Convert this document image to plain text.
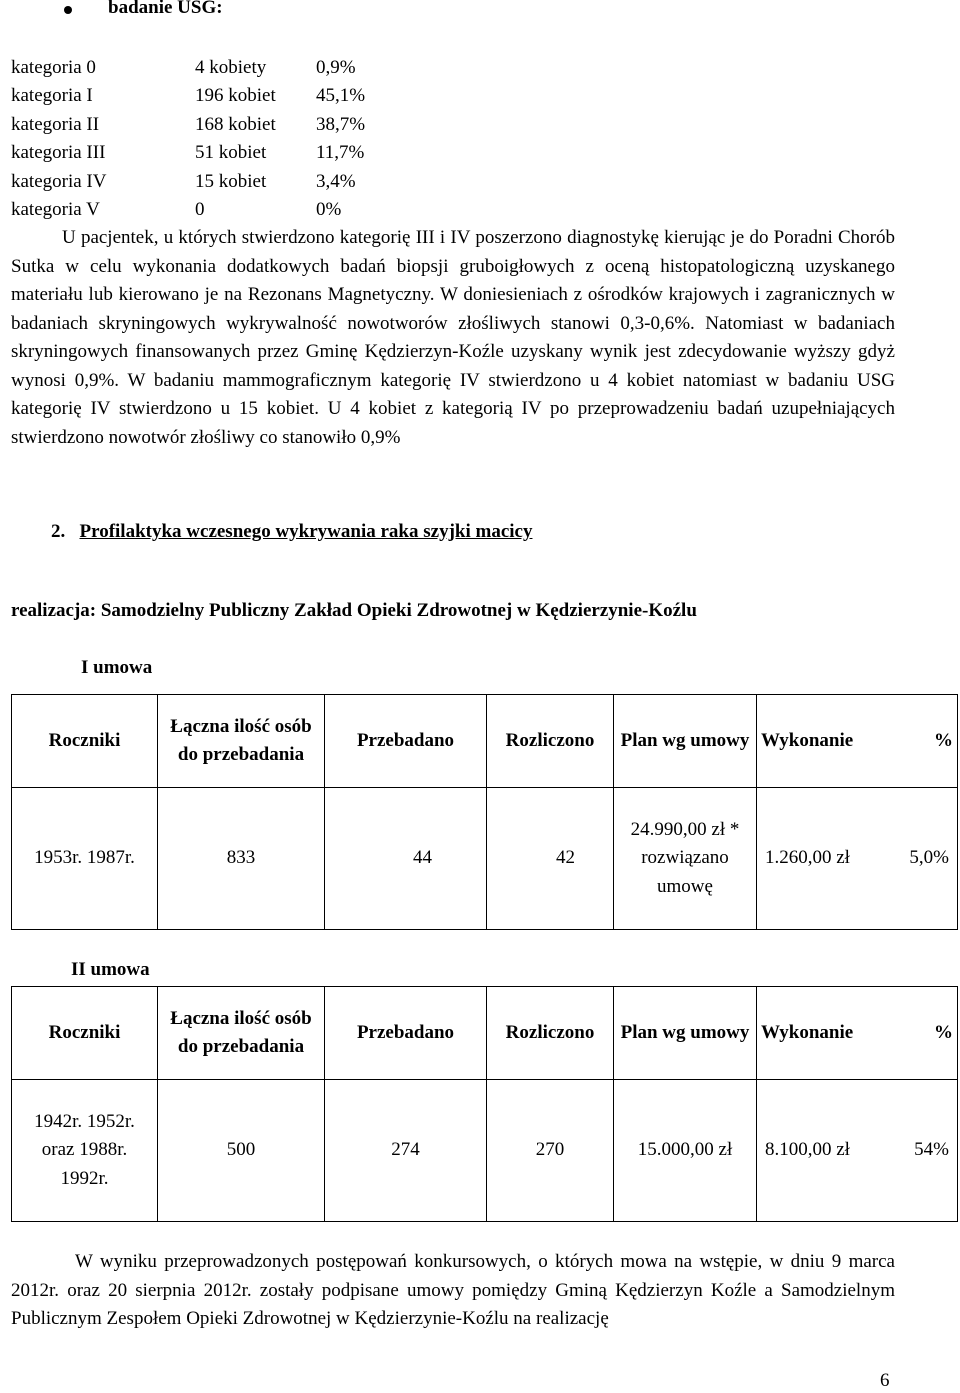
badanie USG:
kategoria 0	4 kobiety	0,9%
kategoria I	196 kobiet 45,1%
kategoria II	168 kobiet 38,7%
kategoria III	51 kobiet	11,7%
kategoria IV	15 kobiet	3,4%
kategoria V	0	0%

U pacjentek, u których stwierdzono kategorię III i IV poszerzono diagnostykę kierując je do Poradni Chorób Sutka w celu wykonania dodatkowych badań biopsji gruboigłowych z oceną histopatologiczną uzyskanego materiału lub kierowano je na Rezonans Magnetyczny. W doniesieniach z ośrodków krajowych i zagranicznych w badaniach skryningowych wykrywalność nowotworów złośliwych stanowi 0,3-0,6%. Natomiast w badaniach skryningowych finansowanych przez Gminę Kędzierzyn-Koźle uzyskany wynik jest zdecydowanie wyższy gdyż wynosi 0,9%. W badaniu mammograficznym kategorię IV stwierdzono u 4 kobiet natomiast w badaniu USG kategorię IV stwierdzono u 15 kobiet. U 4 kobiet z kategorią IV po przeprowadzeniu badań uzupełniających stwierdzono nowotwór złośliwy co stanowiło 0,9%

2. Profilaktyka wczesnego wykrywania raka szyjki macicy
realizacja: Samodzielny Publiczny Zakład Opieki Zdrowotnej w Kędzierzynie-Koźlu
I umowa
Roczniki	Łączna ilość osób do przebadania	Przebadano	Rozliczono	Plan wg umowy	Wykonanie %

1953r. 1987r.	833	44	42	24.990,00 zł * rozwiązano umowę	1.260,00 zł 5,0%
II umowa
Roczniki	Łączna ilość osób do przebadania	Przebadano	Rozliczono	Plan wg umowy	Wykonanie %

1942r. 1952r. oraz 1988r. 1992r.	500	274	270	15.000,00 zł	8.100,00 zł 54%

W wyniku przeprowadzonych postępowań konkursowych, o których mowa na wstępie, w dniu 9 marca 2012r. oraz 20 sierpnia 2012r. zostały podpisane umowy pomiędzy Gminą Kędzierzyn Koźle a Samodzielnym Publicznym Zespołem Opieki Zdrowotnej w Kędzierzynie-Koźlu na realizację

6
